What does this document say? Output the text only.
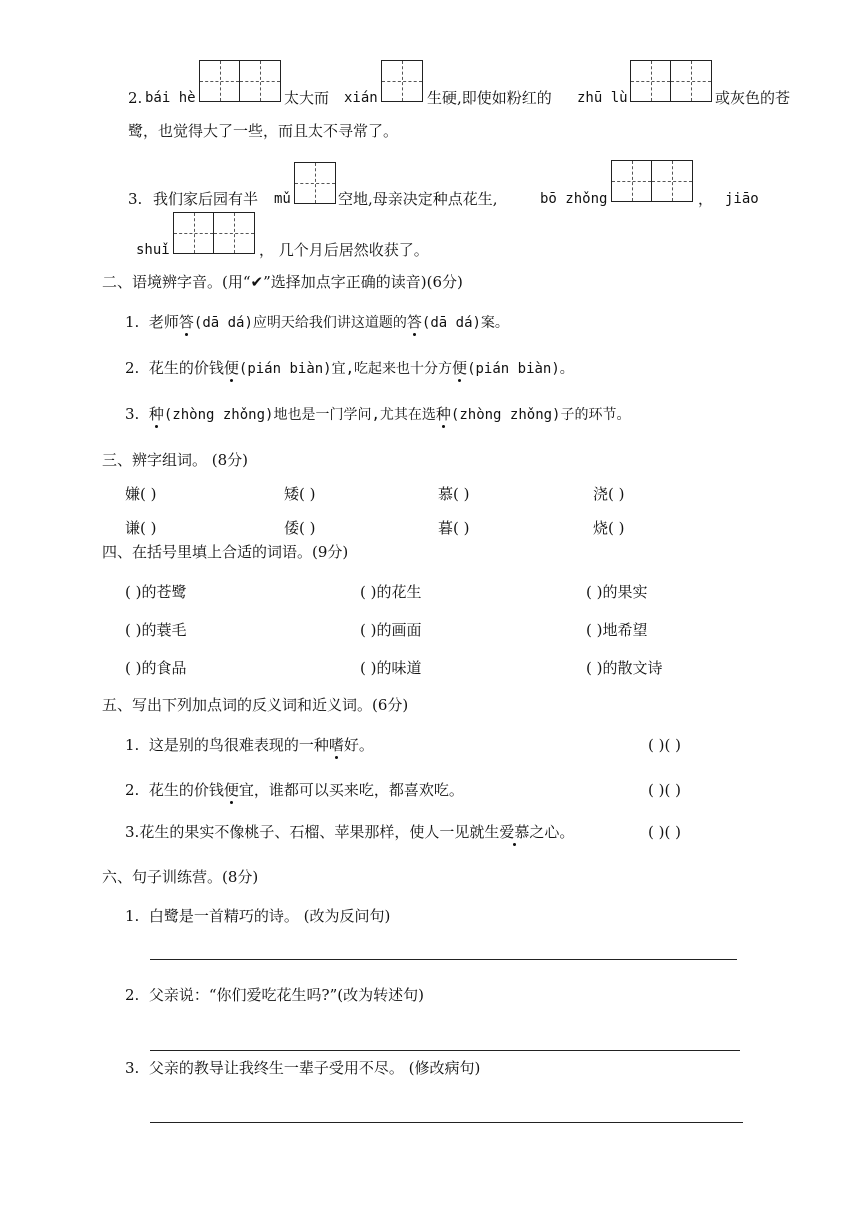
2. bái hè	太大而 xián	生硬,即使如粉红的 zhū lù	或灰色的苍
鹭，也觉得大了一些，而且太不寻常了。
3. 我们家后园有半 mǔ	空地,母亲决定种点花生,	bō zhǒng	， jiāo
shuǐ	， 几个月后居然收获了。
二、语境辨字音。(用“✔”选择加点字正确的读音)(6分)
1. 老师答(dā dá)应明天给我们讲这道题的答(dā dá)案。
2. 花生的价钱便(pián biàn)宜,吃起来也十分方便(pián biàn)。
3. 种(zhòng zhǒng)地也是一门学问,尤其在选种(zhòng zhǒng)子的环节。
三、辨字组词。 (8分)
嫌( )	矮( )	慕( )	浇( )
谦( )	倭( )	暮( )	烧( )
四、在括号里填上合适的词语。(9分)
( )的苍鹭	( )的花生	( )的果实
( )的蓑毛	( )的画面	( )地希望
( )的食品	( )的味道	( )的散文诗
五、写出下列加点词的反义词和近义词。(6分)
1. 这是别的鸟很难表现的一种嗜好。	( )( )
2. 花生的价钱便宜，谁都可以买来吃，都喜欢吃。	( )( )
3.花生的果实不像桃子、石榴、苹果那样，使人一见就生爱慕之心。	( )( )
六、句子训练营。(8分)
1. 白鹭是一首精巧的诗。 (改为反问句)
2. 父亲说：“你们爱吃花生吗?”(改为转述句)
3. 父亲的教导让我终生一辈子受用不尽。 (修改病句)
